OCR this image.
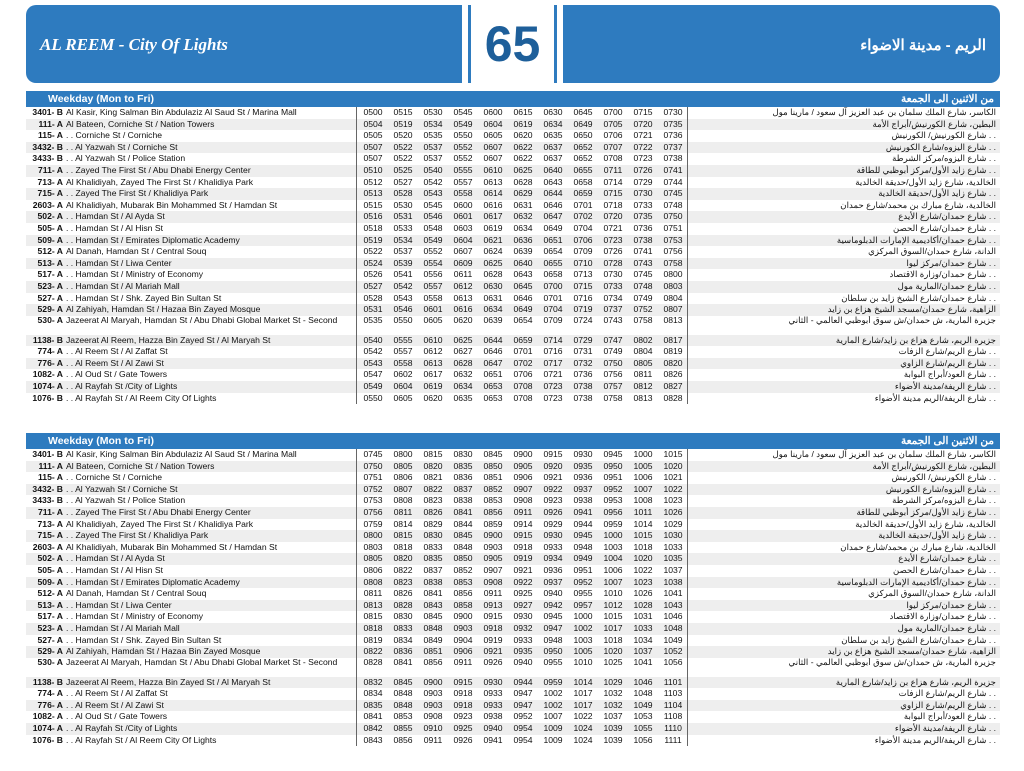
AL REEM - City Of Lights	65	الريم - مدينة الاضواء
Weekday (Mon to Fri)	من الاثنين الى الجمعة
3401- B Al Kasir, King Salman Bin Abdulaziz Al Saud St / Marina Mall	0500	0515	0530	0545	0600	0615	0630	0645	0700	0715	0730	الكاسر، شارع الملك سلمان بن عبد العزيز آل سعود / مارينا مول
111- A Al Bateen, Corniche St / Nation Towers	0504	0519	0534	0549	0604	0619	0634	0649	0705	0720	0735	البطين، شارع الكورنيش/أبراج الأمة
115- A . . Corniche St / Corniche	0505	0520	0535	0550	0605	0620	0635	0650	0706	0721	0736	. . شارع الكورنيش/ الكورنيش
3432- B . . Al Yazwah St / Corniche St	0507	0522	0537	0552	0607	0622	0637	0652	0707	0722	0737	. . شارع اليزوه/شارع الكورنيش
3433- B . . Al Yazwah St / Police Station	0507	0522	0537	0552	0607	0622	0637	0652	0708	0723	0738	. . شارع اليزوه/مركز الشرطة
711- A . . Zayed The First St / Abu Dhabi Energy Center	0510	0525	0540	0555	0610	0625	0640	0655	0711	0726	0741	. . شارع زايد الأول/مركز أبوظبي للطاقة
713- A Al Khalidiyah, Zayed The First St / Khalidiya Park	0512	0527	0542	0557	0613	0628	0643	0658	0714	0729	0744	الخالدية، شارع زايد الأول/حديقة الخالدية
715- A . . Zayed The First St / Khalidiya Park	0513	0528	0543	0558	0614	0629	0644	0659	0715	0730	0745	. . شارع زايد الأول/حديقة الخالدية
2603- A Al Khalidiyah, Mubarak Bin Mohammed St / Hamdan St	0515	0530	0545	0600	0616	0631	0646	0701	0718	0733	0748	الخالدية، شارع مبارك بن محمد/شارع حمدان
502- A . . Hamdan St / Al Ayda St	0516	0531	0546	0601	0617	0632	0647	0702	0720	0735	0750	. . شارع حمدان/شارع الأيدع
505- A . . Hamdan St / Al Hisn St	0518	0533	0548	0603	0619	0634	0649	0704	0721	0736	0751	. . شارع حمدان/شارع الحصن
509- A . . Hamdan St / Emirates Diplomatic Academy	0519	0534	0549	0604	0621	0636	0651	0706	0723	0738	0753	. . شارع حمدان/أكاديمية الإمارات الدبلوماسية
512- A Al Danah, Hamdan St / Central Souq	0522	0537	0552	0607	0624	0639	0654	0709	0726	0741	0756	الدانة، شارع حمدان/السوق المركزي
513- A . . Hamdan St / Liwa Center	0524	0539	0554	0609	0625	0640	0655	0710	0728	0743	0758	. . شارع حمدان/مركز ليوا
517- A . . Hamdan St / Ministry of Economy	0526	0541	0556	0611	0628	0643	0658	0713	0730	0745	0800	. . شارع حمدان/وزارة الاقتصاد
523- A . . Hamdan St / Al Mariah Mall	0527	0542	0557	0612	0630	0645	0700	0715	0733	0748	0803	. . شارع حمدان/المارية مول
527- A . . Hamdan St / Shk. Zayed Bin Sultan St	0528	0543	0558	0613	0631	0646	0701	0716	0734	0749	0804	. . شارع حمدان/شارع الشيخ زايد بن سلطان
529- A Al Zahiyah, Hamdan St / Hazaa Bin Zayed Mosque	0531	0546	0601	0616	0634	0649	0704	0719	0737	0752	0807	الزاهية، شارع حمدان/مسجد الشيخ هزاع بن زايد
530- A Jazeerat Al Maryah, Hamdan St / Abu Dhabi Global Market St - Second	0535	0550	0605	0620	0639	0654	0709	0724	0743	0758	0813	جزيرة المارية، ش حمدان/ش سوق أبوظبي العالمي - الثاني
1138- B Jazeerat Al Reem, Hazza Bin Zayed St / Al Maryah St	0540	0555	0610	0625	0644	0659	0714	0729	0747	0802	0817	جزيرة الريم، شارع هزاع بن زايد/شارع المارية
774- A . . Al Reem St / Al Zaffat St	0542	0557	0612	0627	0646	0701	0716	0731	0749	0804	0819	. . شارع الريم/شارع الزفات
776- A . . Al Reem St / Al Zawi St	0543	0558	0613	0628	0647	0702	0717	0732	0750	0805	0820	. . شارع الريم/شارع الزاوي
1082- A . . Al Oud St / Gate Towers	0547	0602	0617	0632	0651	0706	0721	0736	0756	0811	0826	. . شارع العود/أبراج البوابة
1074- A . . Al Rayfah St /City of Lights	0549	0604	0619	0634	0653	0708	0723	0738	0757	0812	0827	. . شارع الريفة/مدينة الأضواء
1076- B . . Al Rayfah St / Al Reem City Of Lights	0550	0605	0620	0635	0653	0708	0723	0738	0758	0813	0828	. . شارع الريفة/الريم مدينة الأضواء
Weekday (Mon to Fri)	من الاثنين الى الجمعة
3401- B Al Kasir, King Salman Bin Abdulaziz Al Saud St / Marina Mall	0745	0800	0815	0830	0845	0900	0915	0930	0945	1000	1015	الكاسر، شارع الملك سلمان بن عبد العزيز آل سعود / مارينا مول
111- A Al Bateen, Corniche St / Nation Towers	0750	0805	0820	0835	0850	0905	0920	0935	0950	1005	1020	البطين، شارع الكورنيش/أبراج الأمة
115- A . . Corniche St / Corniche	0751	0806	0821	0836	0851	0906	0921	0936	0951	1006	1021	. . شارع الكورنيش/ الكورنيش
3432- B . . Al Yazwah St / Corniche St	0752	0807	0822	0837	0852	0907	0922	0937	0952	1007	1022	. . شارع اليزوه/شارع الكورنيش
3433- B . . Al Yazwah St / Police Station	0753	0808	0823	0838	0853	0908	0923	0938	0953	1008	1023	. . شارع اليزوه/مركز الشرطة
711- A . . Zayed The First St / Abu Dhabi Energy Center	0756	0811	0826	0841	0856	0911	0926	0941	0956	1011	1026	. . شارع زايد الأول/مركز أبوظبي للطاقة
713- A Al Khalidiyah, Zayed The First St / Khalidiya Park	0759	0814	0829	0844	0859	0914	0929	0944	0959	1014	1029	الخالدية، شارع زايد الأول/حديقة الخالدية
715- A . . Zayed The First St / Khalidiya Park	0800	0815	0830	0845	0900	0915	0930	0945	1000	1015	1030	. . شارع زايد الأول/حديقة الخالدية
2603- A Al Khalidiyah, Mubarak Bin Mohammed St / Hamdan St	0803	0818	0833	0848	0903	0918	0933	0948	1003	1018	1033	الخالدية، شارع مبارك بن محمد/شارع حمدان
502- A . . Hamdan St / Al Ayda St	0805	0820	0835	0850	0905	0919	0934	0949	1004	1020	1035	. . شارع حمدان/شارع الأيدع
505- A . . Hamdan St / Al Hisn St	0806	0822	0837	0852	0907	0921	0936	0951	1006	1022	1037	. . شارع حمدان/شارع الحصن
509- A . . Hamdan St / Emirates Diplomatic Academy	0808	0823	0838	0853	0908	0922	0937	0952	1007	1023	1038	. . شارع حمدان/أكاديمية الإمارات الدبلوماسية
512- A Al Danah, Hamdan St / Central Souq	0811	0826	0841	0856	0911	0925	0940	0955	1010	1026	1041	الدانة، شارع حمدان/السوق المركزي
513- A . . Hamdan St / Liwa Center	0813	0828	0843	0858	0913	0927	0942	0957	1012	1028	1043	. . شارع حمدان/مركز ليوا
517- A . . Hamdan St / Ministry of Economy	0815	0830	0845	0900	0915	0930	0945	1000	1015	1031	1046	. . شارع حمدان/وزارة الاقتصاد
523- A . . Hamdan St / Al Mariah Mall	0818	0833	0848	0903	0918	0932	0947	1002	1017	1033	1048	. . شارع حمدان/المارية مول
527- A . . Hamdan St / Shk. Zayed Bin Sultan St	0819	0834	0849	0904	0919	0933	0948	1003	1018	1034	1049	. . شارع حمدان/شارع الشيخ زايد بن سلطان
529- A Al Zahiyah, Hamdan St / Hazaa Bin Zayed Mosque	0822	0836	0851	0906	0921	0935	0950	1005	1020	1037	1052	الزاهية، شارع حمدان/مسجد الشيخ هزاع بن زايد
530- A Jazeerat Al Maryah, Hamdan St / Abu Dhabi Global Market St - Second	0828	0841	0856	0911	0926	0940	0955	1010	1025	1041	1056	جزيرة المارية، ش حمدان/ش سوق أبوظبي العالمي - الثاني
1138- B Jazeerat Al Reem, Hazza Bin Zayed St / Al Maryah St	0832	0845	0900	0915	0930	0944	0959	1014	1029	1046	1101	جزيرة الريم، شارع هزاع بن زايد/شارع المارية
774- A . . Al Reem St / Al Zaffat St	0834	0848	0903	0918	0933	0947	1002	1017	1032	1048	1103	. . شارع الريم/شارع الزفات
776- A . . Al Reem St / Al Zawi St	0835	0848	0903	0918	0933	0947	1002	1017	1032	1049	1104	. . شارع الريم/شارع الزاوي
1082- A . . Al Oud St / Gate Towers	0841	0853	0908	0923	0938	0952	1007	1022	1037	1053	1108	. . شارع العود/أبراج البوابة
1074- A . . Al Rayfah St /City of Lights	0842	0855	0910	0925	0940	0954	1009	1024	1039	1055	1110	. . شارع الريفة/مدينة الأضواء
1076- B . . Al Rayfah St / Al Reem City Of Lights	0843	0856	0911	0926	0941	0954	1009	1024	1039	1056	1111	. . شارع الريفة/الريم مدينة الأضواء
